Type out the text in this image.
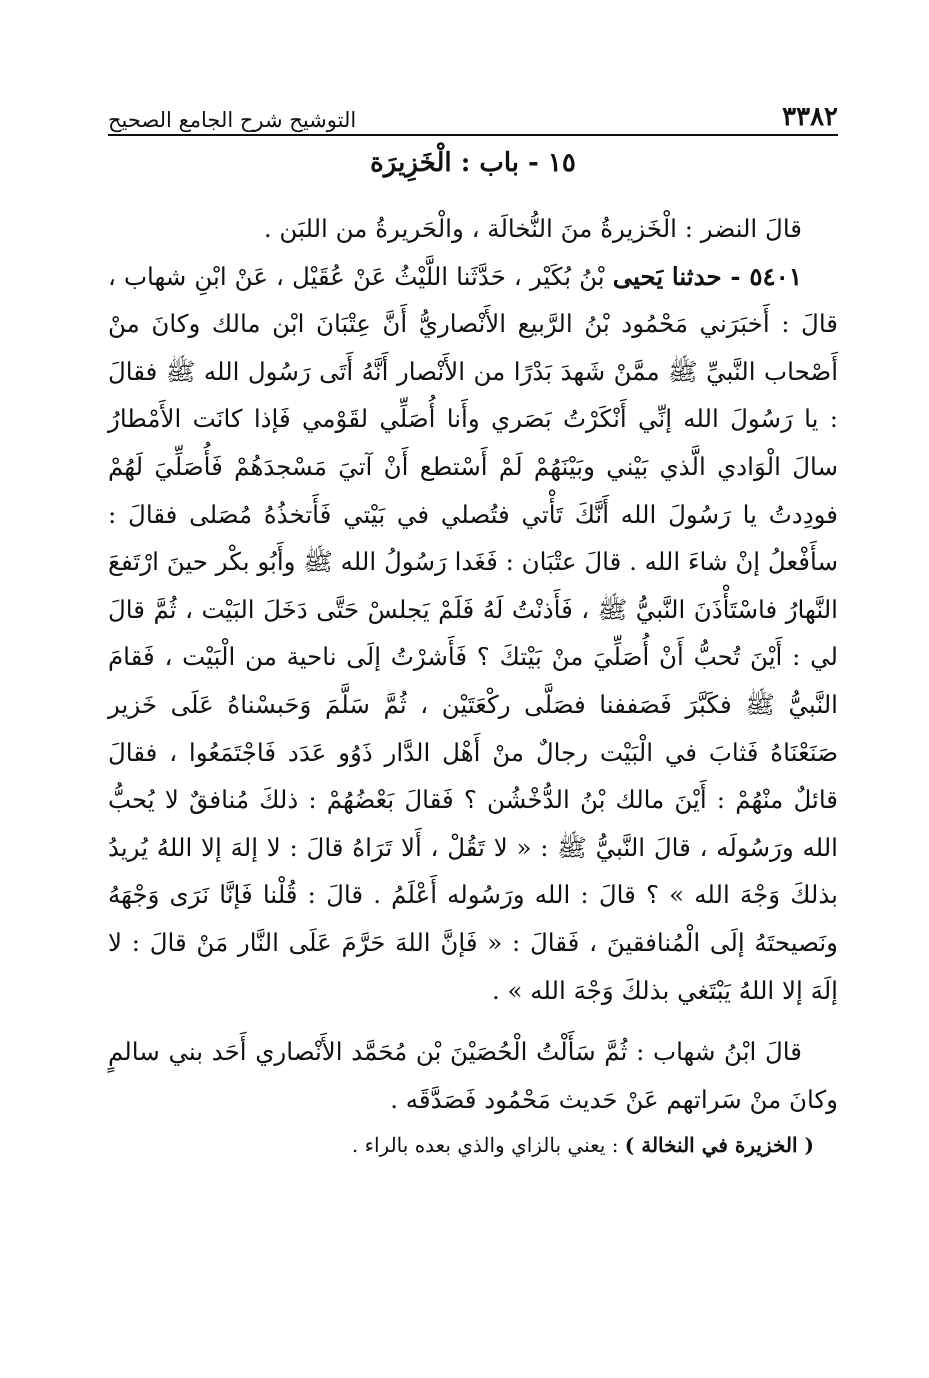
٣٣٨٢
التوشيح شرح الجامع الصحيح
١٥ - باب : الْخَزِيرَة

قالَ النضر : الْخَزيرةُ منَ النُّخالَة ، والْحَريرةُ من اللبَن .

٥٤٠١ - حدثنا يَحيى بْنُ بُكَيْر ، حَدَّثَنا اللَّيْثُ عَنْ عُقَيْل ، عَنْ ابْنِ شهاب ، قالَ : أَخبَرَني مَحْمُود بْنُ الرَّبيع الأَنْصاريُّ أَنَّ عِتْبَانَ ابْن مالك وكانَ منْ أَصْحاب النَّبيِّ ﷺ ممَّنْ شَهدَ بَدْرًا من الأَنْصار أَنَّهُ أَتَى رَسُول الله ﷺ فقالَ : يا رَسُولَ الله إنِّي أَنْكَرْتُ بَصَري وأَنا أُصَلِّي لقَوْمي فَإذا كانَت الأَمْطارُ سالَ الْوَادي الَّذي بَيْني وبَيْنَهُمْ لَمْ أَسْتطع أَنْ آتيَ مَسْجدَهُمْ فَأُصَلِّيَ لَهُمْ فودِدتُ يا رَسُولَ الله أَنَّكَ تَأْتي فتُصلي في بَيْتي فَأَتخذُهُ مُصَلى فقالَ : سأَفْعلُ إنْ شاءَ الله . قالَ عتْبَان : فَغَدا رَسُولُ الله ﷺ وأَبُو بكْر حينَ ارْتَفعَ النَّهارُ فاسْتَأْذَنَ النَّبيُّ ﷺ ، فَأَذنْتُ لَهُ فَلَمْ يَجلسْ حَتَّى دَخَلَ البَيْت ، ثُمَّ قالَ لي : أَيْنَ تُحبُّ أَنْ أُصَلِّيَ منْ بَيْتكَ ؟ فَأَشرْتُ إلَى ناحية من الْبَيْت ، فَقامَ النَّبيُّ ﷺ فكَبَّرَ فَصَففنا فصَلَّى ركْعَتَيْن ، ثُمَّ سَلَّمَ وَحَبسْناهُ عَلَى خَزير صَنَعْنَاهُ فَثابَ في الْبَيْت رجالٌ منْ أَهْل الدَّار ذَوُو عَدَد فَاجْتَمَعُوا ، فقالَ قائلٌ منْهُمْ : أَيْنَ مالك بْنُ الدُّخْشُن ؟ فَقالَ بَعْضُهُمْ : ذلكَ مُنافقٌ لا يُحبُّ الله ورَسُولَه ، قالَ النَّبيُّ ﷺ : « لا تَقُلْ ، أَلا تَرَاهُ قالَ : لا إلهَ إلا اللهُ يُريدُ بذلكَ وَجْهَ الله » ؟ قالَ : الله ورَسُوله أَعْلَمُ . قالَ : قُلْنا فَإنَّا نَرَى وَجْهَهُ ونَصيحتَهُ إلَى الْمُنافقينَ ، فَقالَ : « فَإنَّ اللهَ حَرَّمَ عَلَى النَّار مَنْ قالَ : لا إلَهَ إلا اللهُ يَبْتَغي بذلكَ وَجْهَ الله » .

قالَ ابْنُ شهاب : ثُمَّ سَأَلْتُ الْحُصَيْنَ بْن مُحَمَّد الأَنْصاري أَحَد بني سالمٍ وكانَ منْ سَراتهم عَنْ حَديث مَحْمُود فَصَدَّقَه .

( الخزيرة في النخالة ) : يعني بالزاي والذي بعده بالراء .
